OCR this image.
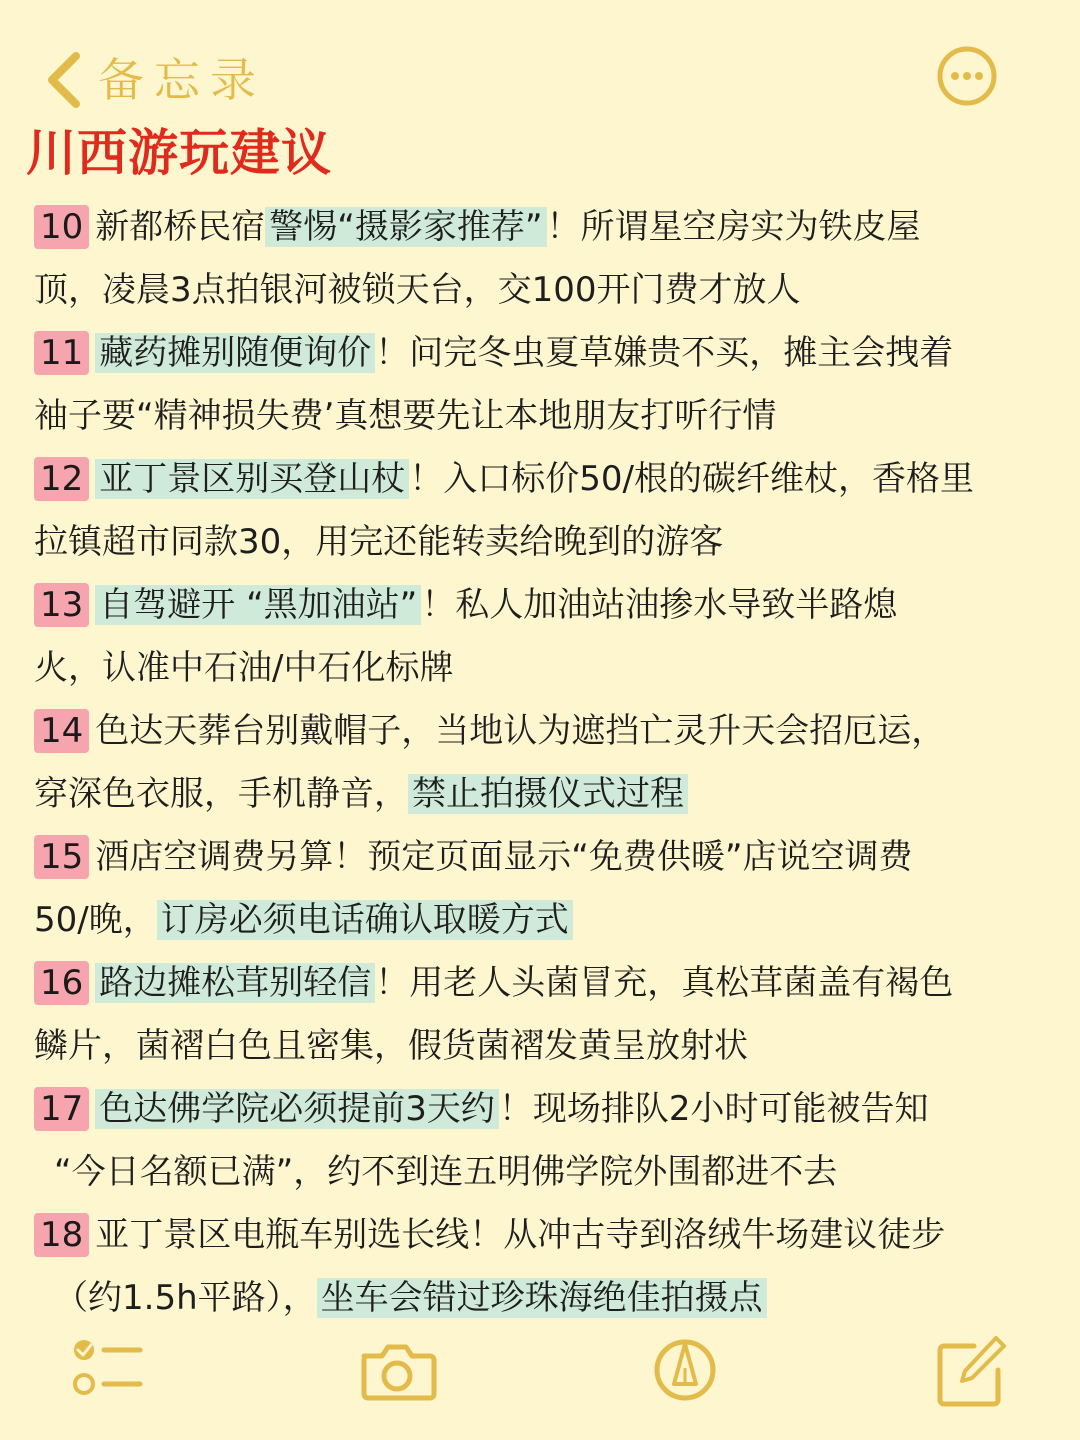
备忘录
川西游玩建议
10 新都桥民宿 警惕“摄影家推荐” ！所谓星空房实为铁皮屋
顶，凌晨3点拍银河被锁天台，交100开门费才放人
11 藏药摊别随便询价 ！问完冬虫夏草嫌贵不买，摊主会拽着
袖子要“精神损失费’真想要先让本地朋友打听行情
12 亚丁景区别买登山杖 ！入口标价50/根的碳纤维杖，香格里
拉镇超市同款30，用完还能转卖给晚到的游客
13 自驾避开 “黑加油站” ！私人加油站油掺水导致半路熄
火，认准中石油/中石化标牌
14 色达天葬台别戴帽子，当地认为遮挡亡灵升天会招厄运，
穿深色衣服，手机静音， 禁止拍摄仪式过程
15 酒店空调费另算！预定页面显示“免费供暖”店说空调费
50/晚， 订房必须电话确认取暖方式
16 路边摊松茸别轻信 ！用老人头菌冒充，真松茸菌盖有褐色
鳞片，菌褶白色且密集，假货菌褶发黄呈放射状
17 色达佛学院必须提前3天约 ！现场排队2小时可能被告知
“今日名额已满”，约不到连五明佛学院外围都进不去
18 亚丁景区电瓶车别选长线！从冲古寺到洛绒牛场建议徒步
（约1.5h平路）， 坐车会错过珍珠海绝佳拍摄点
